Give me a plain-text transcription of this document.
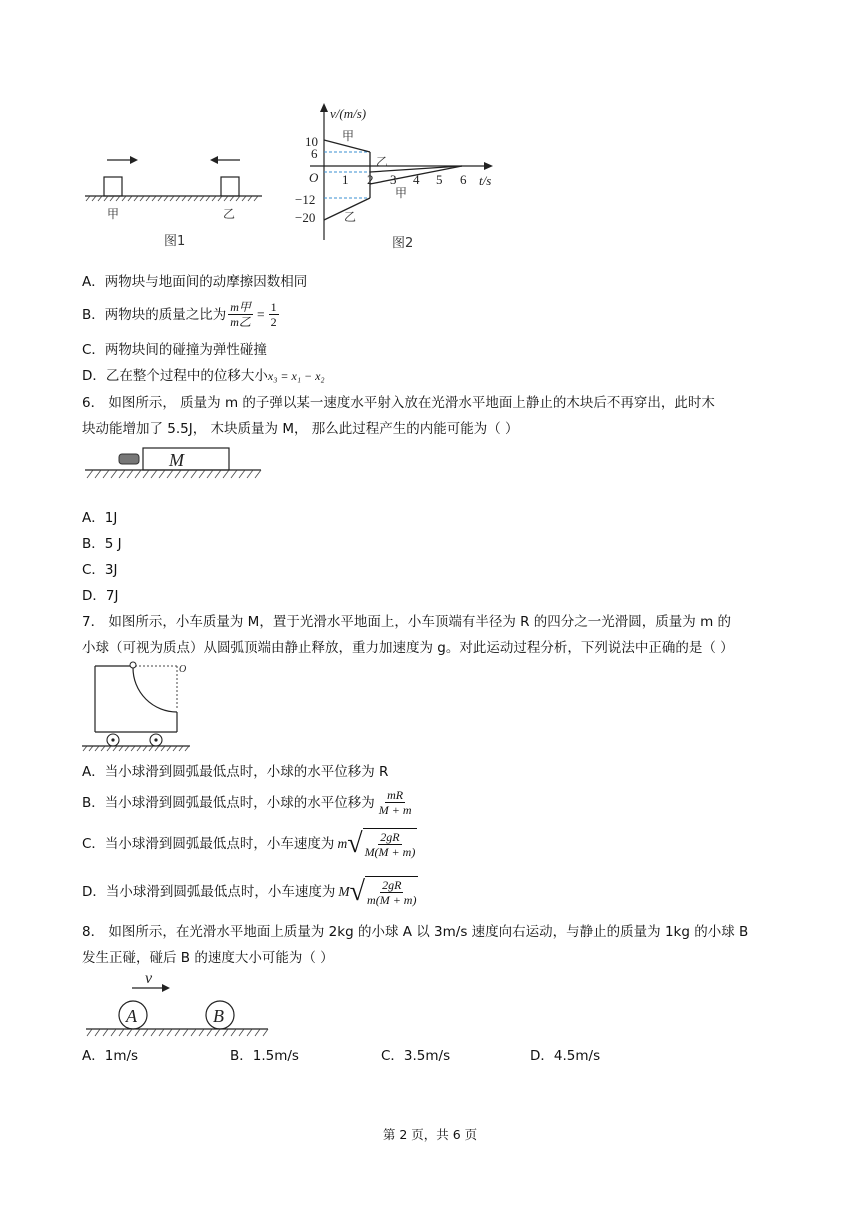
甲	乙
图1
v/(m/s)
t/s
O
10
6
−12
−20
1 2 3 4 5 6
甲
乙
甲
乙
图2
A．两物块与地面间的动摩擦因数相同
B．两物块的质量之比为 $\frac{\text{m甲}}{\text{m乙}} = \frac{1}{2}$
C．两物块间的碰撞为弹性碰撞
D．乙在整个过程中的位移大小x₃ = x₁ − x₂
6． 如图所示， 质量为 m 的子弹以某一速度水平射入放在光滑水平地面上静止的木块后不再穿出，此时木
块动能增加了 5.5J， 木块质量为 M， 那么此过程产生的内能可能为（ ）
M
A．1J
B．5 J
C．3J
D．7J
7． 如图所示，小车质量为 M，置于光滑水平地面上，小车顶端有半径为 R 的四分之一光滑圆，质量为 m 的
小球（可视为质点）从圆弧顶端由静止释放，重力加速度为 g。对此运动过程分析，下列说法中正确的是（ ）
O
A．当小球滑到圆弧最低点时，小球的水平位移为 R
B．当小球滑到圆弧最低点时，小球的水平位移为 $\frac{mR}{M + m}$
C．当小球滑到圆弧最低点时，小车速度为 m √ $\frac{2gR}{M(M + m)}$
D．当小球滑到圆弧最低点时，小车速度为 M √ $\frac{2gR}{m(M + m)}$
8． 如图所示，在光滑水平地面上质量为 2kg 的小球 A 以 3m/s 速度向右运动，与静止的质量为 1kg 的小球 B
发生正碰，碰后 B 的速度大小可能为（ ）
v
A	B
A．1m/s	B．1.5m/s	C．3.5m/s	D．4.5m/s
第 2 页，共 6 页
